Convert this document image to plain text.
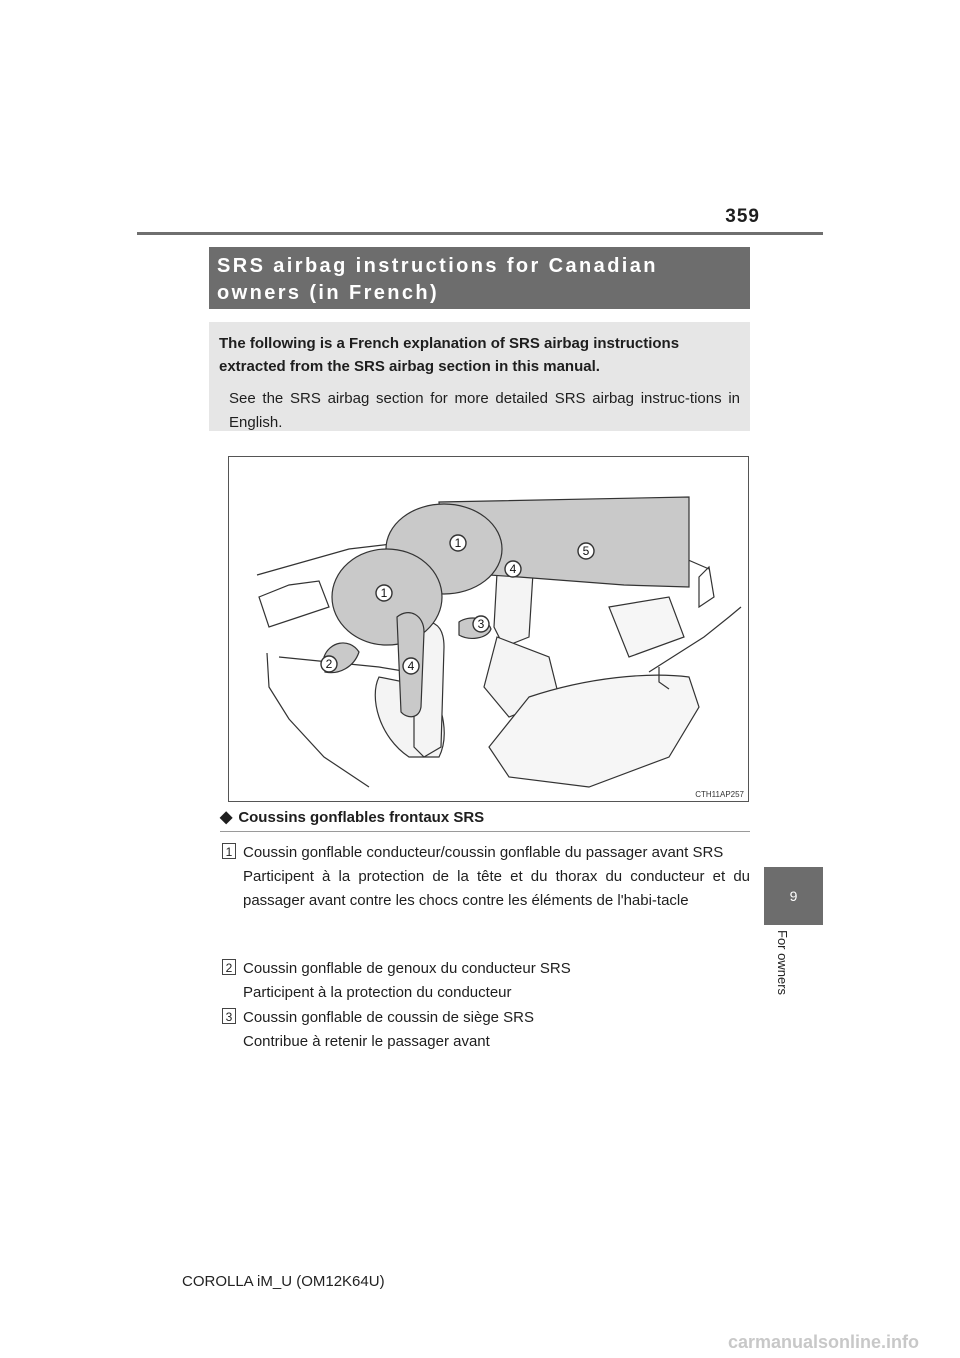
359
SRS airbag instructions for Canadian owners (in French)
The following is a French explanation of SRS airbag instructions extracted from the SRS airbag section in this manual.
See the SRS airbag section for more detailed SRS airbag instruc-tions in English.
1
1
2
3
4
4
5
CTH11AP257
◆ Coussins gonflables frontaux SRS
1 Coussin gonflable conducteur/coussin gonflable du passager avant SRS
Participent à la protection de la tête et du thorax du conducteur et du passager avant contre les chocs contre les éléments de l'habi-tacle
2 Coussin gonflable de genoux du conducteur SRS
Participent à la protection du conducteur
3 Coussin gonflable de coussin de siège SRS
Contribue à retenir le passager avant
9
For owners
COROLLA iM_U (OM12K64U)
carmanualsonline.info
